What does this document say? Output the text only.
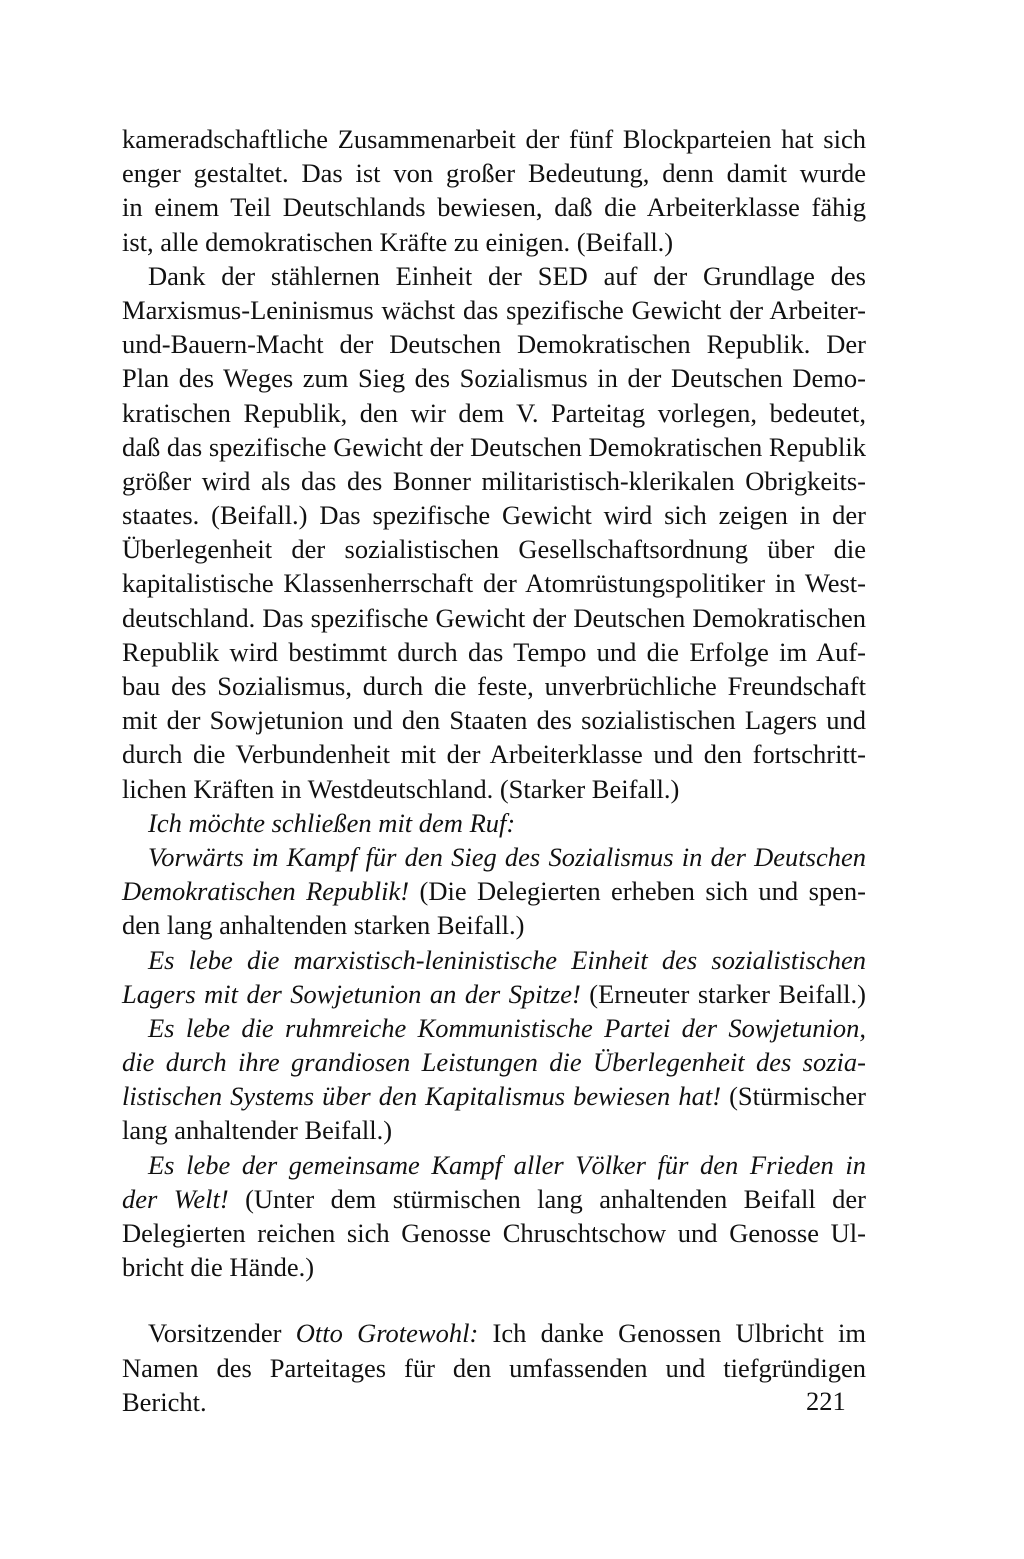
kameradschaftliche Zusammenarbeit der fünf Blockparteien hat sich
enger gestaltet. Das ist von großer Bedeutung, denn damit wurde
in einem Teil Deutschlands bewiesen, daß die Arbeiterklasse fähig
ist, alle demokratischen Kräfte zu einigen. (Beifall.)
Dank der stählernen Einheit der SED auf der Grundlage des
Marxismus-Leninismus wächst das spezifische Gewicht der Arbeiter-
und-Bauern-Macht der Deutschen Demokratischen Republik. Der
Plan des Weges zum Sieg des Sozialismus in der Deutschen Demo-
kratischen Republik, den wir dem V. Parteitag vorlegen, bedeutet,
daß das spezifische Gewicht der Deutschen Demokratischen Republik
größer wird als das des Bonner militaristisch-klerikalen Obrigkeits-
staates. (Beifall.) Das spezifische Gewicht wird sich zeigen in der
Überlegenheit der sozialistischen Gesellschaftsordnung über die
kapitalistische Klassenherrschaft der Atomrüstungspolitiker in West-
deutschland. Das spezifische Gewicht der Deutschen Demokratischen
Republik wird bestimmt durch das Tempo und die Erfolge im Auf-
bau des Sozialismus, durch die feste, unverbrüchliche Freundschaft
mit der Sowjetunion und den Staaten des sozialistischen Lagers und
durch die Verbundenheit mit der Arbeiterklasse und den fortschritt-
lichen Kräften in Westdeutschland. (Starker Beifall.)
Ich möchte schließen mit dem Ruf:
Vorwärts im Kampf für den Sieg des Sozialismus in der Deutschen
Demokratischen Republik! (Die Delegierten erheben sich und spen-
den lang anhaltenden starken Beifall.)
Es lebe die marxistisch-leninistische Einheit des sozialistischen
Lagers mit der Sowjetunion an der Spitze! (Erneuter starker Beifall.)
Es lebe die ruhmreiche Kommunistische Partei der Sowjetunion,
die durch ihre grandiosen Leistungen die Überlegenheit des sozia-
listischen Systems über den Kapitalismus bewiesen hat! (Stürmischer
lang anhaltender Beifall.)
Es lebe der gemeinsame Kampf aller Völker für den Frieden in
der Welt! (Unter dem stürmischen lang anhaltenden Beifall der
Delegierten reichen sich Genosse Chruschtschow und Genosse Ul-
bricht die Hände.)
Vorsitzender Otto Grotewohl: Ich danke Genossen Ulbricht im
Namen des Parteitages für den umfassenden und tiefgründigen
Bericht.	221
